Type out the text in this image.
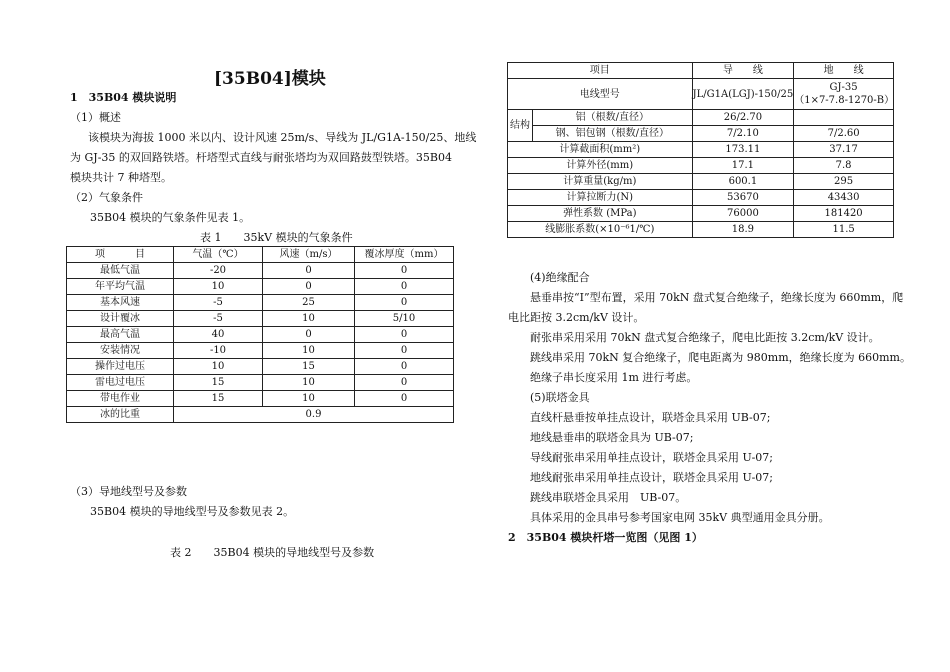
[35B04]模块
1　35B04 模块说明
（1）概述
该模块为海拔 1000 米以内、设计风速 25m/s、导线为 JL/G1A-150/25、地线
为 GJ-35 的双回路铁塔。杆塔型式直线与耐张塔均为双回路鼓型铁塔。35B04
模块共计 7 种塔型。
（2）气象条件
35B04 模块的气象条件见表 1。
表 1　　35kV 模块的气象条件
项　　　目	气温（℃）	风速（m/s）	覆冰厚度（mm）
最低气温	-20	0	0
年平均气温	10	0	0
基本风速	-5	25	0
设计覆冰	-5	10	5/10
最高气温	40	0	0
安装情况	-10	10	0
操作过电压	10	15	0
雷电过电压	15	10	0
带电作业	15	10	0
冰的比重	0.9		
（3）导地线型号及参数
35B04 模块的导地线型号及参数见表 2。
表 2　　35B04 模块的导地线型号及参数
项目		导　　线	地　　线
电线型号		JL/G1A(LGJ)-150/25	GJ-35
（1×7-7.8-1270-B）

结构	铝（根数/直径）	26/2.70	
	钢、铝包钢（根数/直径）	7/2.10	7/2.60
计算截面积(mm²)		173.11	37.17
计算外径(mm)		17.1	7.8
计算重量(kg/m)		600.1	295
计算拉断力(N)		53670	43430
弹性系数 (MPa)		76000	181420
线膨胀系数(×10⁻⁶1/℃)		18.9	11.5
(4)绝缘配合
悬垂串按“I”型布置，采用 70kN 盘式复合绝缘子，绝缘长度为 660mm，爬
电比距按 3.2cm/kV 设计。
耐张串采用采用 70kN 盘式复合绝缘子，爬电比距按 3.2cm/kV 设计。
跳线串采用 70kN 复合绝缘子，爬电距离为 980mm，绝缘长度为 660mm。
绝缘子串长度采用 1m 进行考虑。
(5)联塔金具
直线杆悬垂按单挂点设计，联塔金具采用 UB-07;
地线悬垂串的联塔金具为 UB-07;
导线耐张串采用单挂点设计，联塔金具采用 U-07;
地线耐张串采用单挂点设计，联塔金具采用 U-07;
跳线串联塔金具采用　UB-07。
具体采用的金具串号参考国家电网 35kV 典型通用金具分册。
2　35B04 模块杆塔一览图（见图 1）
